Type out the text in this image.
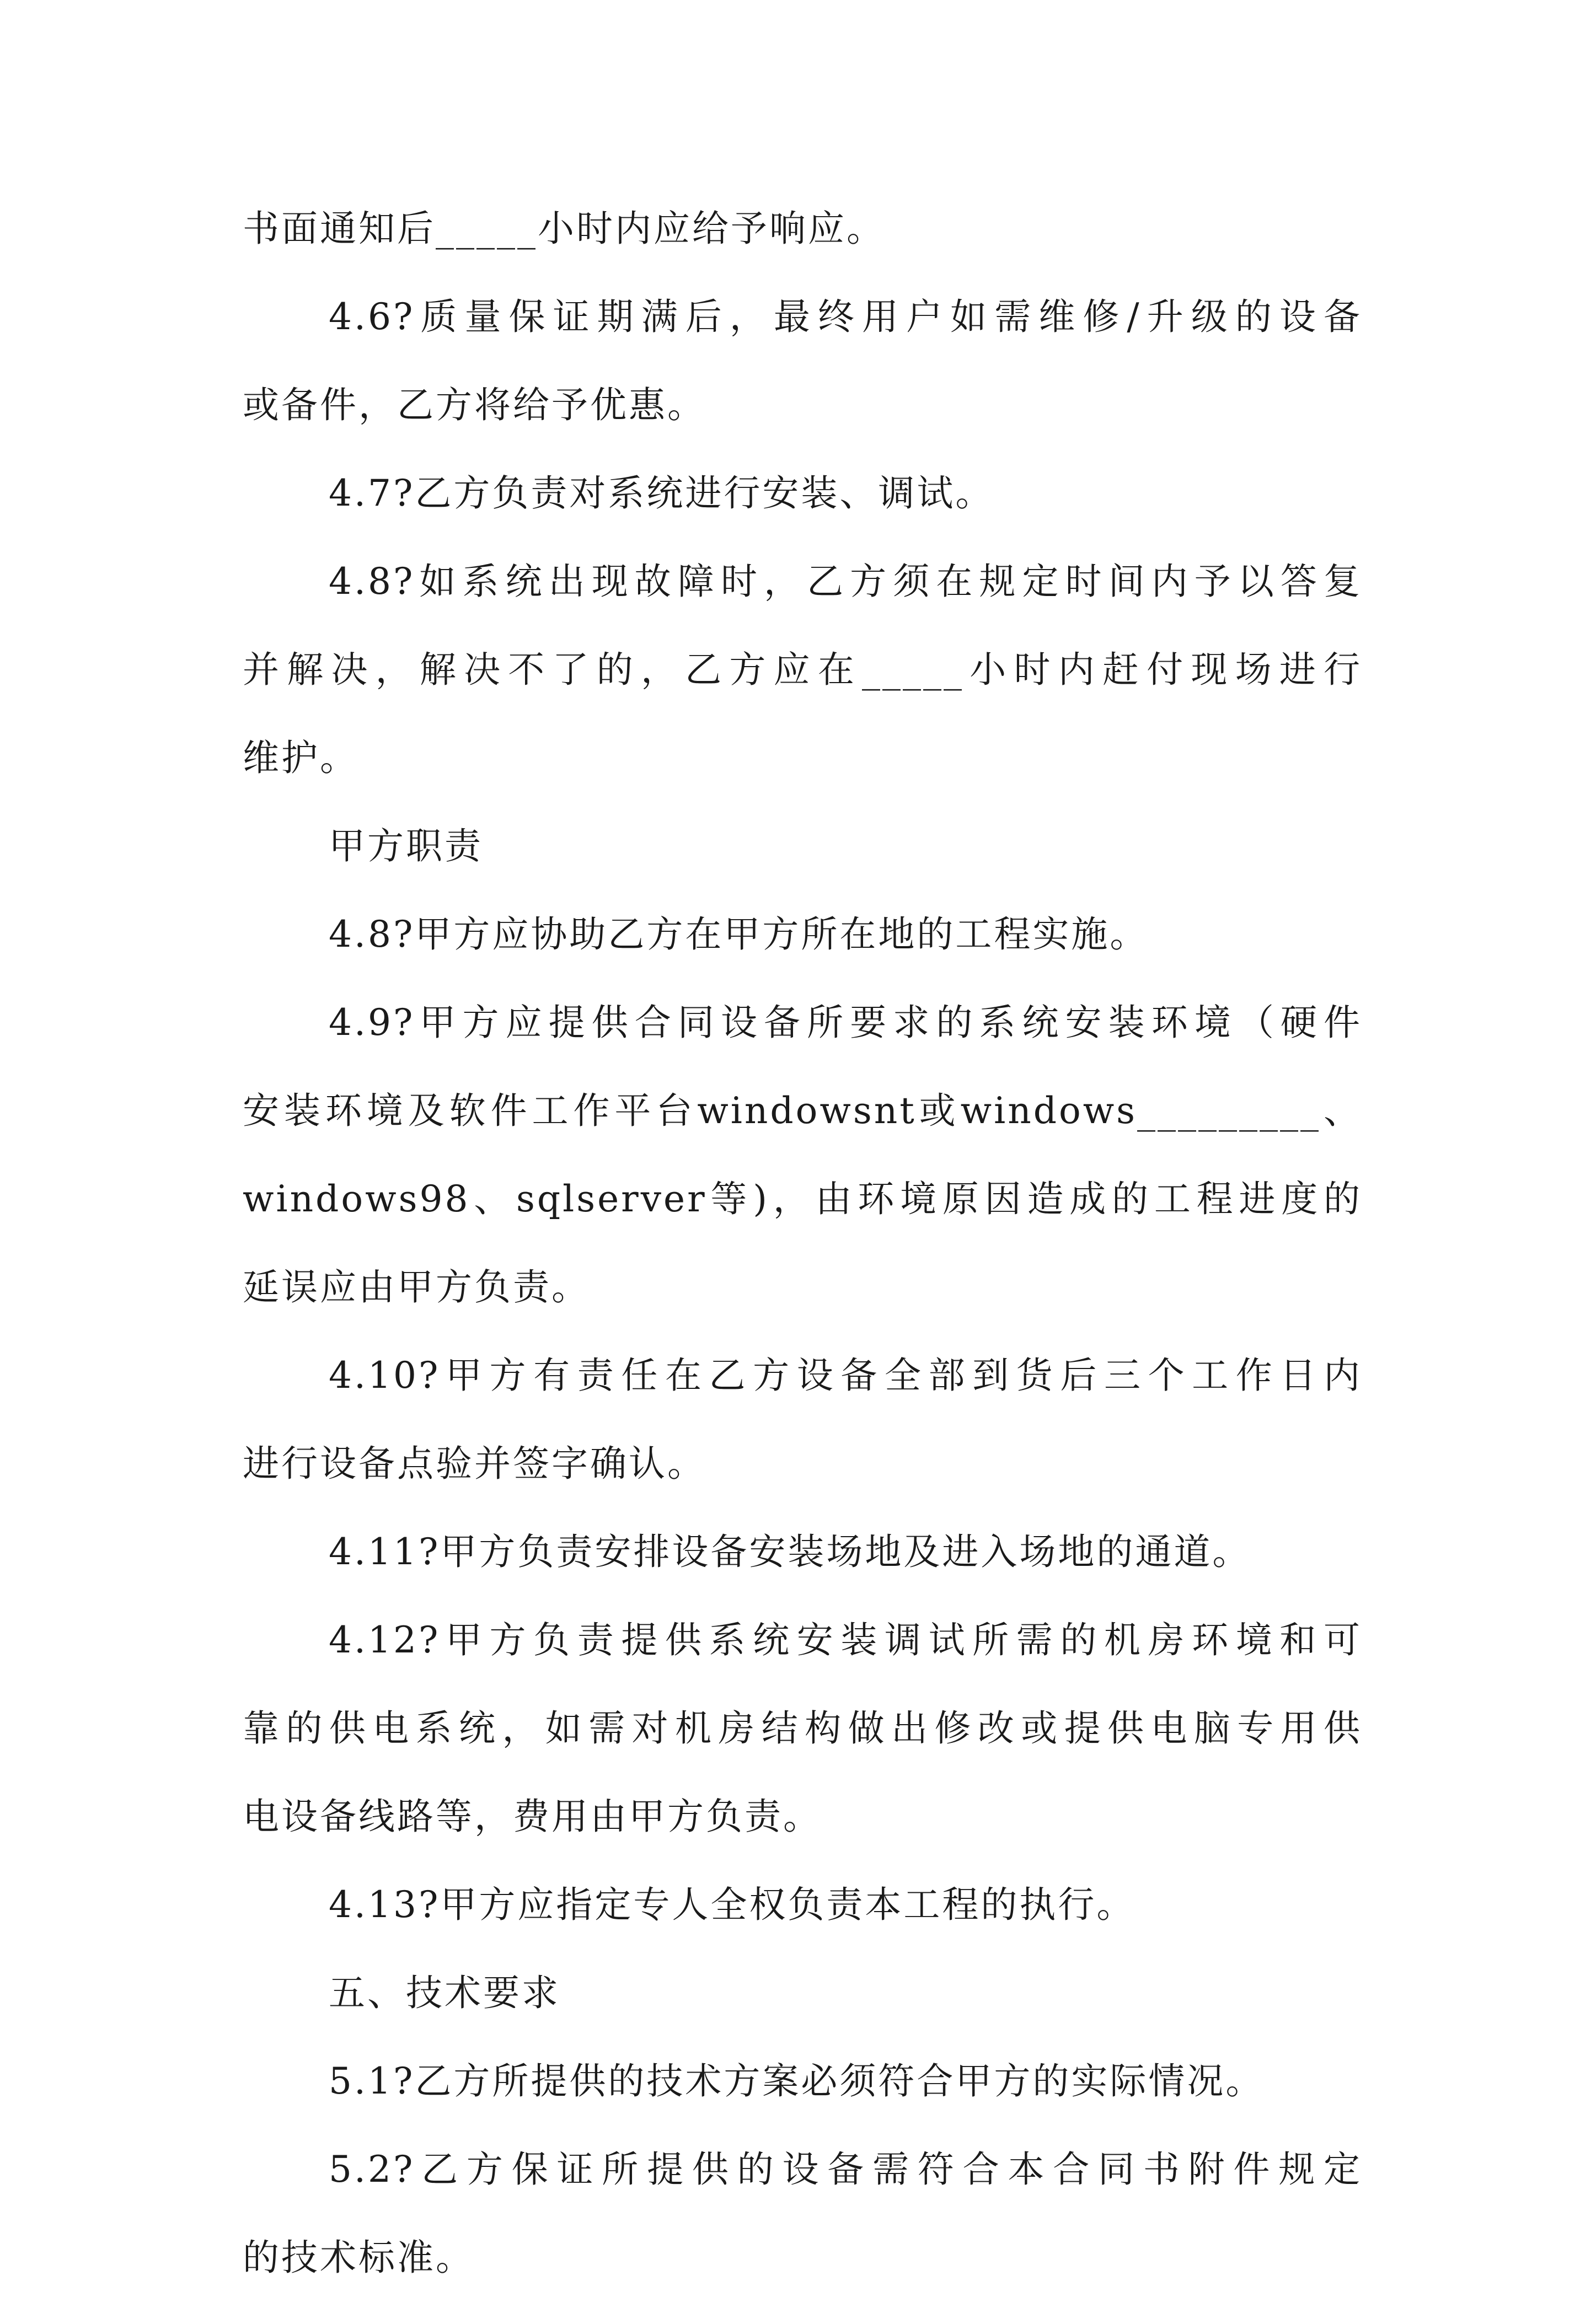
书面通知后_____小时内应给予响应。
4.6?质量保证期满后，最终用户如需维修/升级的设备
或备件，乙方将给予优惠。
4.7?乙方负责对系统进行安装、调试。
4.8?如系统出现故障时，乙方须在规定时间内予以答复
并解决，解决不了的，乙方应在_____小时内赶付现场进行
维护。
甲方职责
4.8?甲方应协助乙方在甲方所在地的工程实施。
4.9?甲方应提供合同设备所要求的系统安装环境（硬件
安装环境及软件工作平台windowsnt或windows_________、
windows98、sqlserver等)，由环境原因造成的工程进度的
延误应由甲方负责。
4.10?甲方有责任在乙方设备全部到货后三个工作日内
进行设备点验并签字确认。
4.11?甲方负责安排设备安装场地及进入场地的通道。
4.12?甲方负责提供系统安装调试所需的机房环境和可
靠的供电系统，如需对机房结构做出修改或提供电脑专用供
电设备线路等，费用由甲方负责。
4.13?甲方应指定专人全权负责本工程的执行。
五、技术要求
5.1?乙方所提供的技术方案必须符合甲方的实际情况。
5.2?乙方保证所提供的设备需符合本合同书附件规定
的技术标准。
